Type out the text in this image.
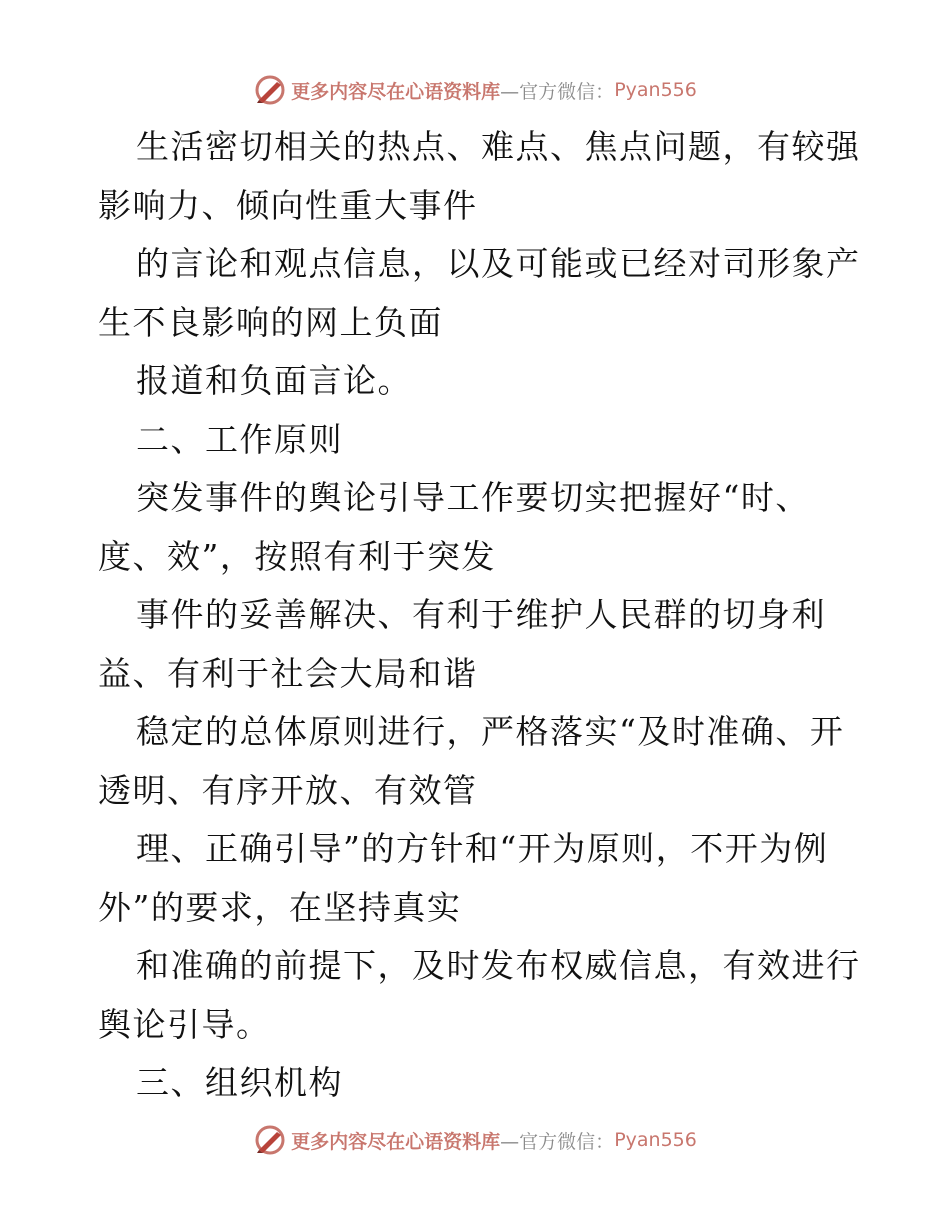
更多内容尽在心语资料库 —官方微信： Pyan556
生活密切相关的热点、难点、焦点问题，有较强
影响力、倾向性重大事件
的言论和观点信息，以及可能或已经对司形象产
生不良影响的网上负面
报道和负面言论。
二、工作原则
突发事件的舆论引导工作要切实把握好“时、
度、效”，按照有利于突发
事件的妥善解决、有利于维护人民群的切身利
益、有利于社会大局和谐
稳定的总体原则进行，严格落实“及时准确、开
透明、有序开放、有效管
理、正确引导”的方针和“开为原则，不开为例
外”的要求，在坚持真实
和准确的前提下，及时发布权威信息，有效进行
舆论引导。
三、组织机构
更多内容尽在心语资料库 —官方微信： Pyan556
